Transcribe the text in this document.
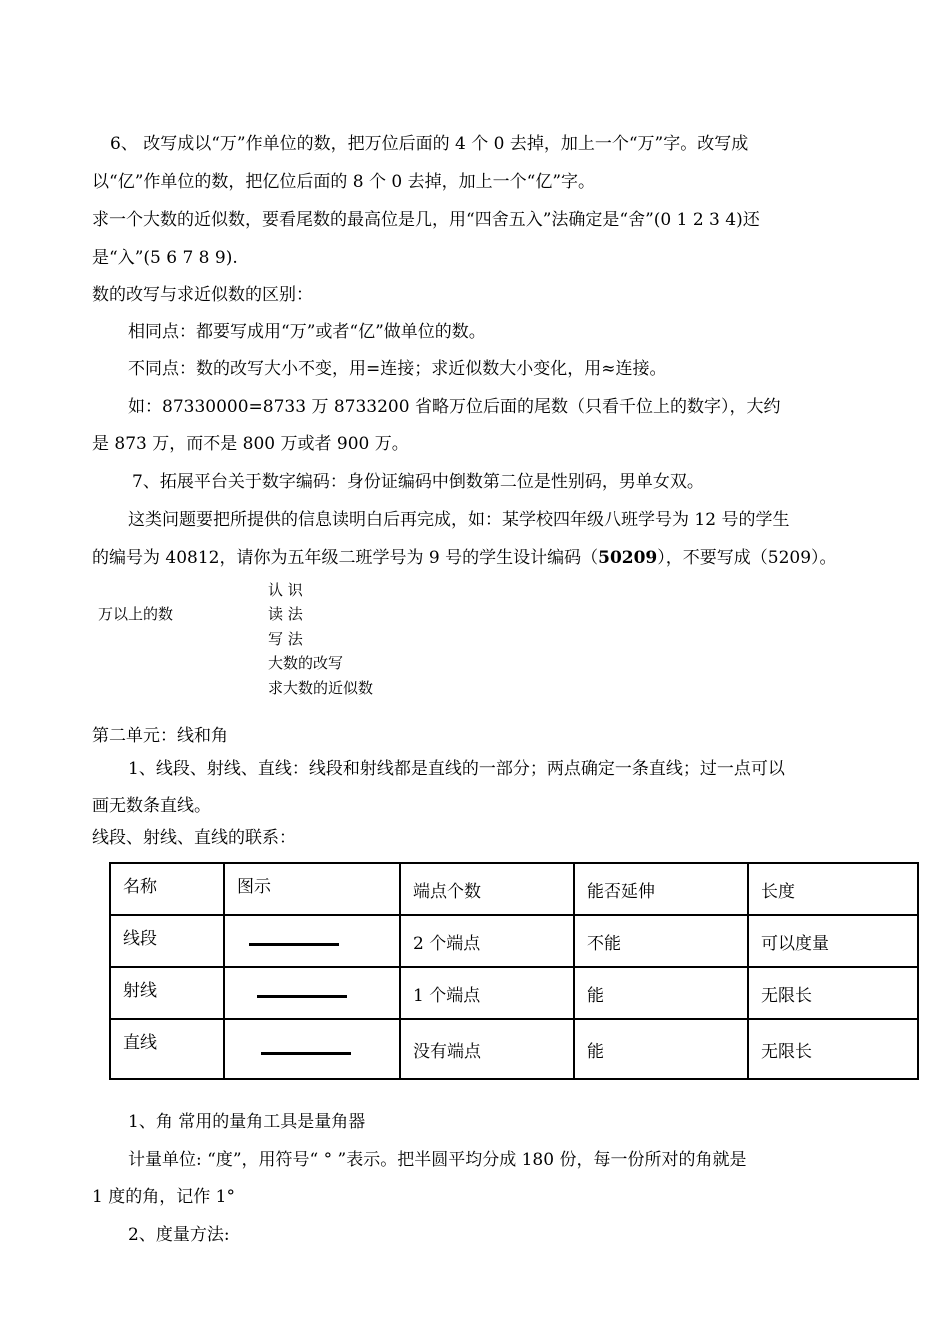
6、 改写成以“万”作单位的数，把万位后面的 4 个 0 去掉，加上一个“万”字。改写成
以“亿”作单位的数，把亿位后面的 8 个 0 去掉，加上一个“亿”字。
求一个大数的近似数，要看尾数的最高位是几，用“四舍五入”法确定是“舍”(0 1 2 3 4)还
是“入”(5 6 7 8 9).
数的改写与求近似数的区别：
相同点：都要写成用“万”或者“亿”做单位的数。
不同点：数的改写大小不变，用=连接；求近似数大小变化，用≈连接。
如：87330000=8733 万 8733200 省略万位后面的尾数（只看千位上的数字），大约
是 873 万，而不是 800 万或者 900 万。
7、拓展平台关于数字编码：身份证编码中倒数第二位是性别码，男单女双。
这类问题要把所提供的信息读明白后再完成，如：某学校四年级八班学号为 12 号的学生
的编号为 40812，请你为五年级二班学号为 9 号的学生设计编码（50209），不要写成（5209）。
万以上的数
认 识
读 法
写 法
大数的改写
求大数的近似数
第二单元：线和角
1、线段、射线、直线：线段和射线都是直线的一部分；两点确定一条直线；过一点可以
画无数条直线。
线段、射线、直线的联系：
名称	图示	端点个数	能否延伸	长度
线段		2 个端点	不能	可以度量
射线		1 个端点	能	无限长
直线		没有端点	能	无限长
1、角 常用的量角工具是量角器
计量单位: “度”，用符号“ ° ”表示。把半圆平均分成 180 份，每一份所对的角就是
1 度的角，记作 1°
2、度量方法:
